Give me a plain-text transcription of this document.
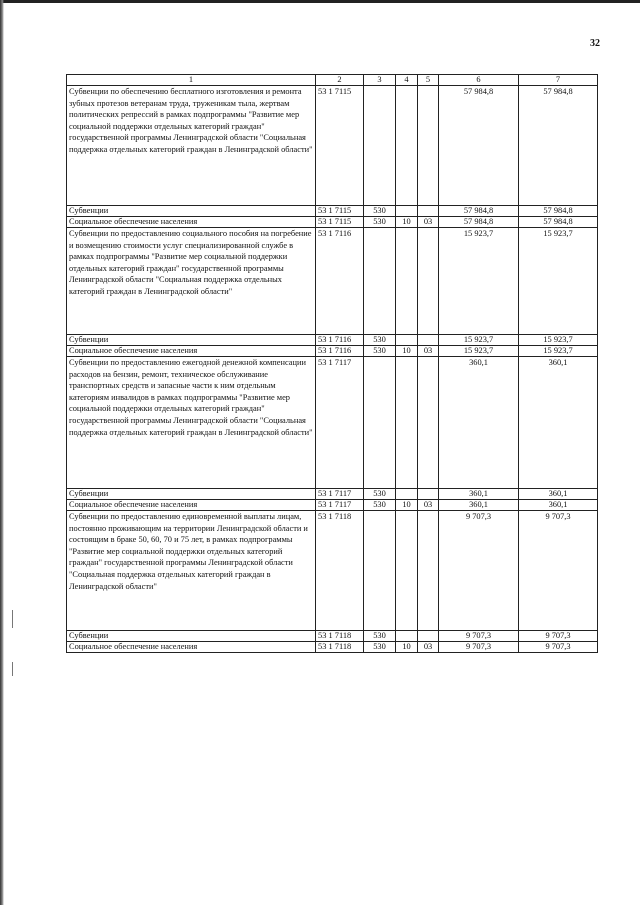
32
1	2	3	4	5	6	7
Субвенции по обеспечению бесплатного изготовления и ремонта зубных протезов ветеранам труда, труженикам тыла, жертвам политических репрессий в рамках подпрограммы "Развитие мер социальной поддержки отдельных категорий граждан" государственной программы Ленинградской области "Социальная поддержка отдельных категорий граждан в Ленинградской области"	53 1 7115				57 984,8	57 984,8
Субвенции	53 1 7115	530			57 984,8	57 984,8
Социальное обеспечение населения	53 1 7115	530	10	03	57 984,8	57 984,8
Субвенции по предоставлению социального пособия на погребение и возмещению стоимости услуг специализированной службе в рамках подпрограммы "Развитие мер социальной поддержки отдельных категорий граждан" государственной программы Ленинградской области "Социальная поддержка отдельных категорий граждан в Ленинградской области"	53 1 7116				15 923,7	15 923,7
Субвенции	53 1 7116	530			15 923,7	15 923,7
Социальное обеспечение населения	53 1 7116	530	10	03	15 923,7	15 923,7
Субвенции по предоставлению ежегодной денежной компенсации расходов на бензин, ремонт, техническое обслуживание транспортных средств и запасные части к ним отдельным категориям инвалидов в рамках подпрограммы "Развитие мер социальной поддержки отдельных категорий граждан" государственной программы Ленинградской области "Социальная поддержка отдельных категорий граждан в Ленинградской области"	53 1 7117				360,1	360,1
Субвенции	53 1 7117	530			360,1	360,1
Социальное обеспечение населения	53 1 7117	530	10	03	360,1	360,1
Субвенции по предоставлению единовременной выплаты лицам, постоянно проживающим на территории Ленинградской области и состоящим в браке 50, 60, 70 и 75 лет, в рамках подпрограммы "Развитие мер социальной поддержки отдельных категорий граждан" государственной программы Ленинградской области "Социальная поддержка отдельных категорий граждан в Ленинградской области"	53 1 7118				9 707,3	9 707,3
Субвенции	53 1 7118	530			9 707,3	9 707,3
Социальное обеспечение населения	53 1 7118	530	10	03	9 707,3	9 707,3
